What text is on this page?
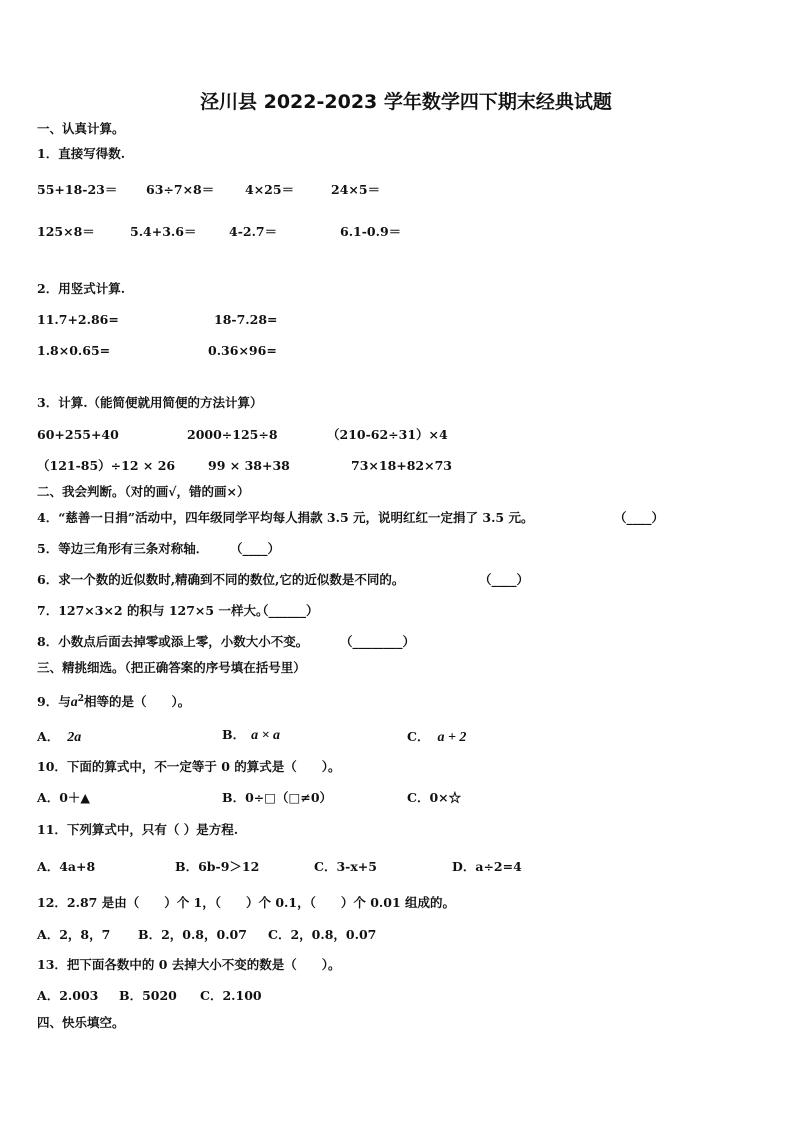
泾川县 2022-2023 学年数学四下期末经典试题
一、认真计算。
1．直接写得数.
55+18-23＝ 63÷7×8＝ 4×25＝	24×5＝
125×8＝	5.4+3.6＝	4-2.7＝	6.1-0.9＝
2．用竖式计算.
11.7+2.86=	18-7.28=
1.8×0.65=	0.36×96=
3．计算.（能简便就用简便的方法计算）
60+255+40	2000÷125÷8	（210-62÷31）×4
（121-85）÷12 × 26	99 × 38+38	73×18+82×73
二、我会判断。（对的画√，错的画×）
4．“慈善一日捐”活动中，四年级同学平均每人捐款 3.5 元，说明红红一定捐了 3.5 元。	（____）
5．等边三角形有三条对称轴． （____）
6．求一个数的近似数时,精确到不同的数位,它的近似数是不同的。	（____）
7．127×3×2 的积与 127×5 一样大。
（______）
8．小数点后面去掉零或添上零，小数大小不变。	（________）
三、精挑细选。（把正确答案的序号填在括号里）
9．与$a^2$相等的是（　　）。
A． 2a	B． a × a	C． a + 2
10．下面的算式中，不一定等于 0 的算式是（　　）。
A．0＋▲	B．0÷□（□≠0）	C．0×☆
11．下列算式中，只有（ ）是方程.
A．4a+8	B．6b-9＞12	C．3-x+5	D．a÷2=4
12．2.87 是由（　　）个 1，（　　）个 0.1，（　　）个 0.01 组成的。
A．2，8，7 B．2，0.8，0.07 C．2，0.8，0.07
13．把下面各数中的 0 去掉大小不变的数是（　　）。
A．2.003 B．5020 C．2.100
四、快乐填空。
